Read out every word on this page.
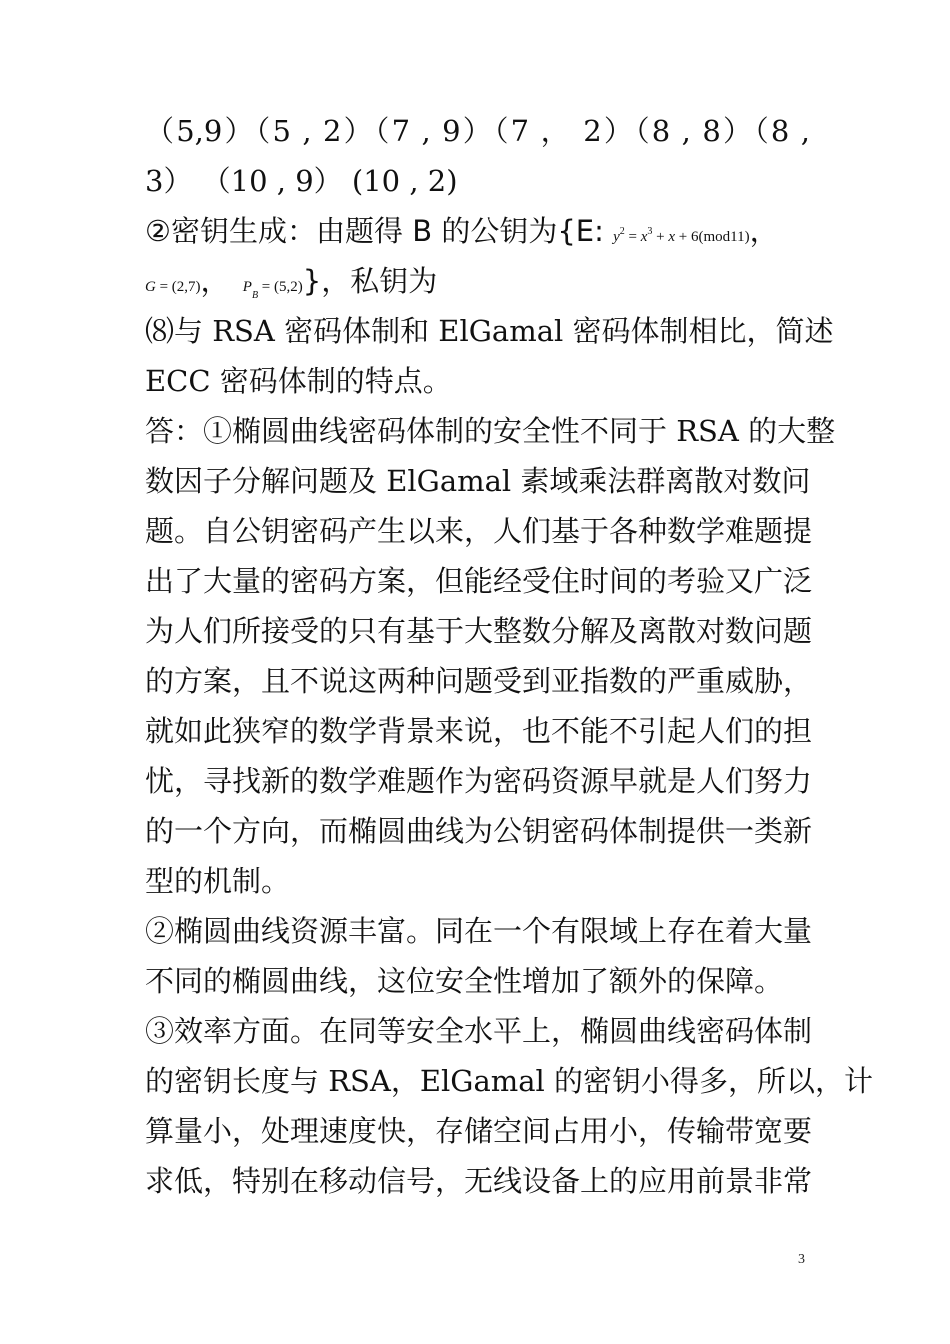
（5,9）（5 , 2）（7 , 9）（7 ， 2）（8 , 8）（8 ,
3） （10 , 9） (10 , 2)
②密钥生成：由题得 B 的公钥为{E: $y^2 = x^3 + x + 6(mod11)$，
G = (2,7)，  $P_B = (5,2)$}，私钥为
⑻与 RSA 密码体制和 ElGamal 密码体制相比，简述
ECC 密码体制的特点。
答：①椭圆曲线密码体制的安全性不同于 RSA 的大整
数因子分解问题及 ElGamal 素域乘法群离散对数问
题。自公钥密码产生以来，人们基于各种数学难题提
出了大量的密码方案，但能经受住时间的考验又广泛
为人们所接受的只有基于大整数分解及离散对数问题
的方案，且不说这两种问题受到亚指数的严重威胁，
就如此狭窄的数学背景来说，也不能不引起人们的担
忧，寻找新的数学难题作为密码资源早就是人们努力
的一个方向，而椭圆曲线为公钥密码体制提供一类新
型的机制。
②椭圆曲线资源丰富。同在一个有限域上存在着大量
不同的椭圆曲线，这位安全性增加了额外的保障。
③效率方面。在同等安全水平上，椭圆曲线密码体制
的密钥长度与 RSA，ElGamal 的密钥小得多，所以，计
算量小，处理速度快，存储空间占用小，传输带宽要
求低，特别在移动信号，无线设备上的应用前景非常
3
